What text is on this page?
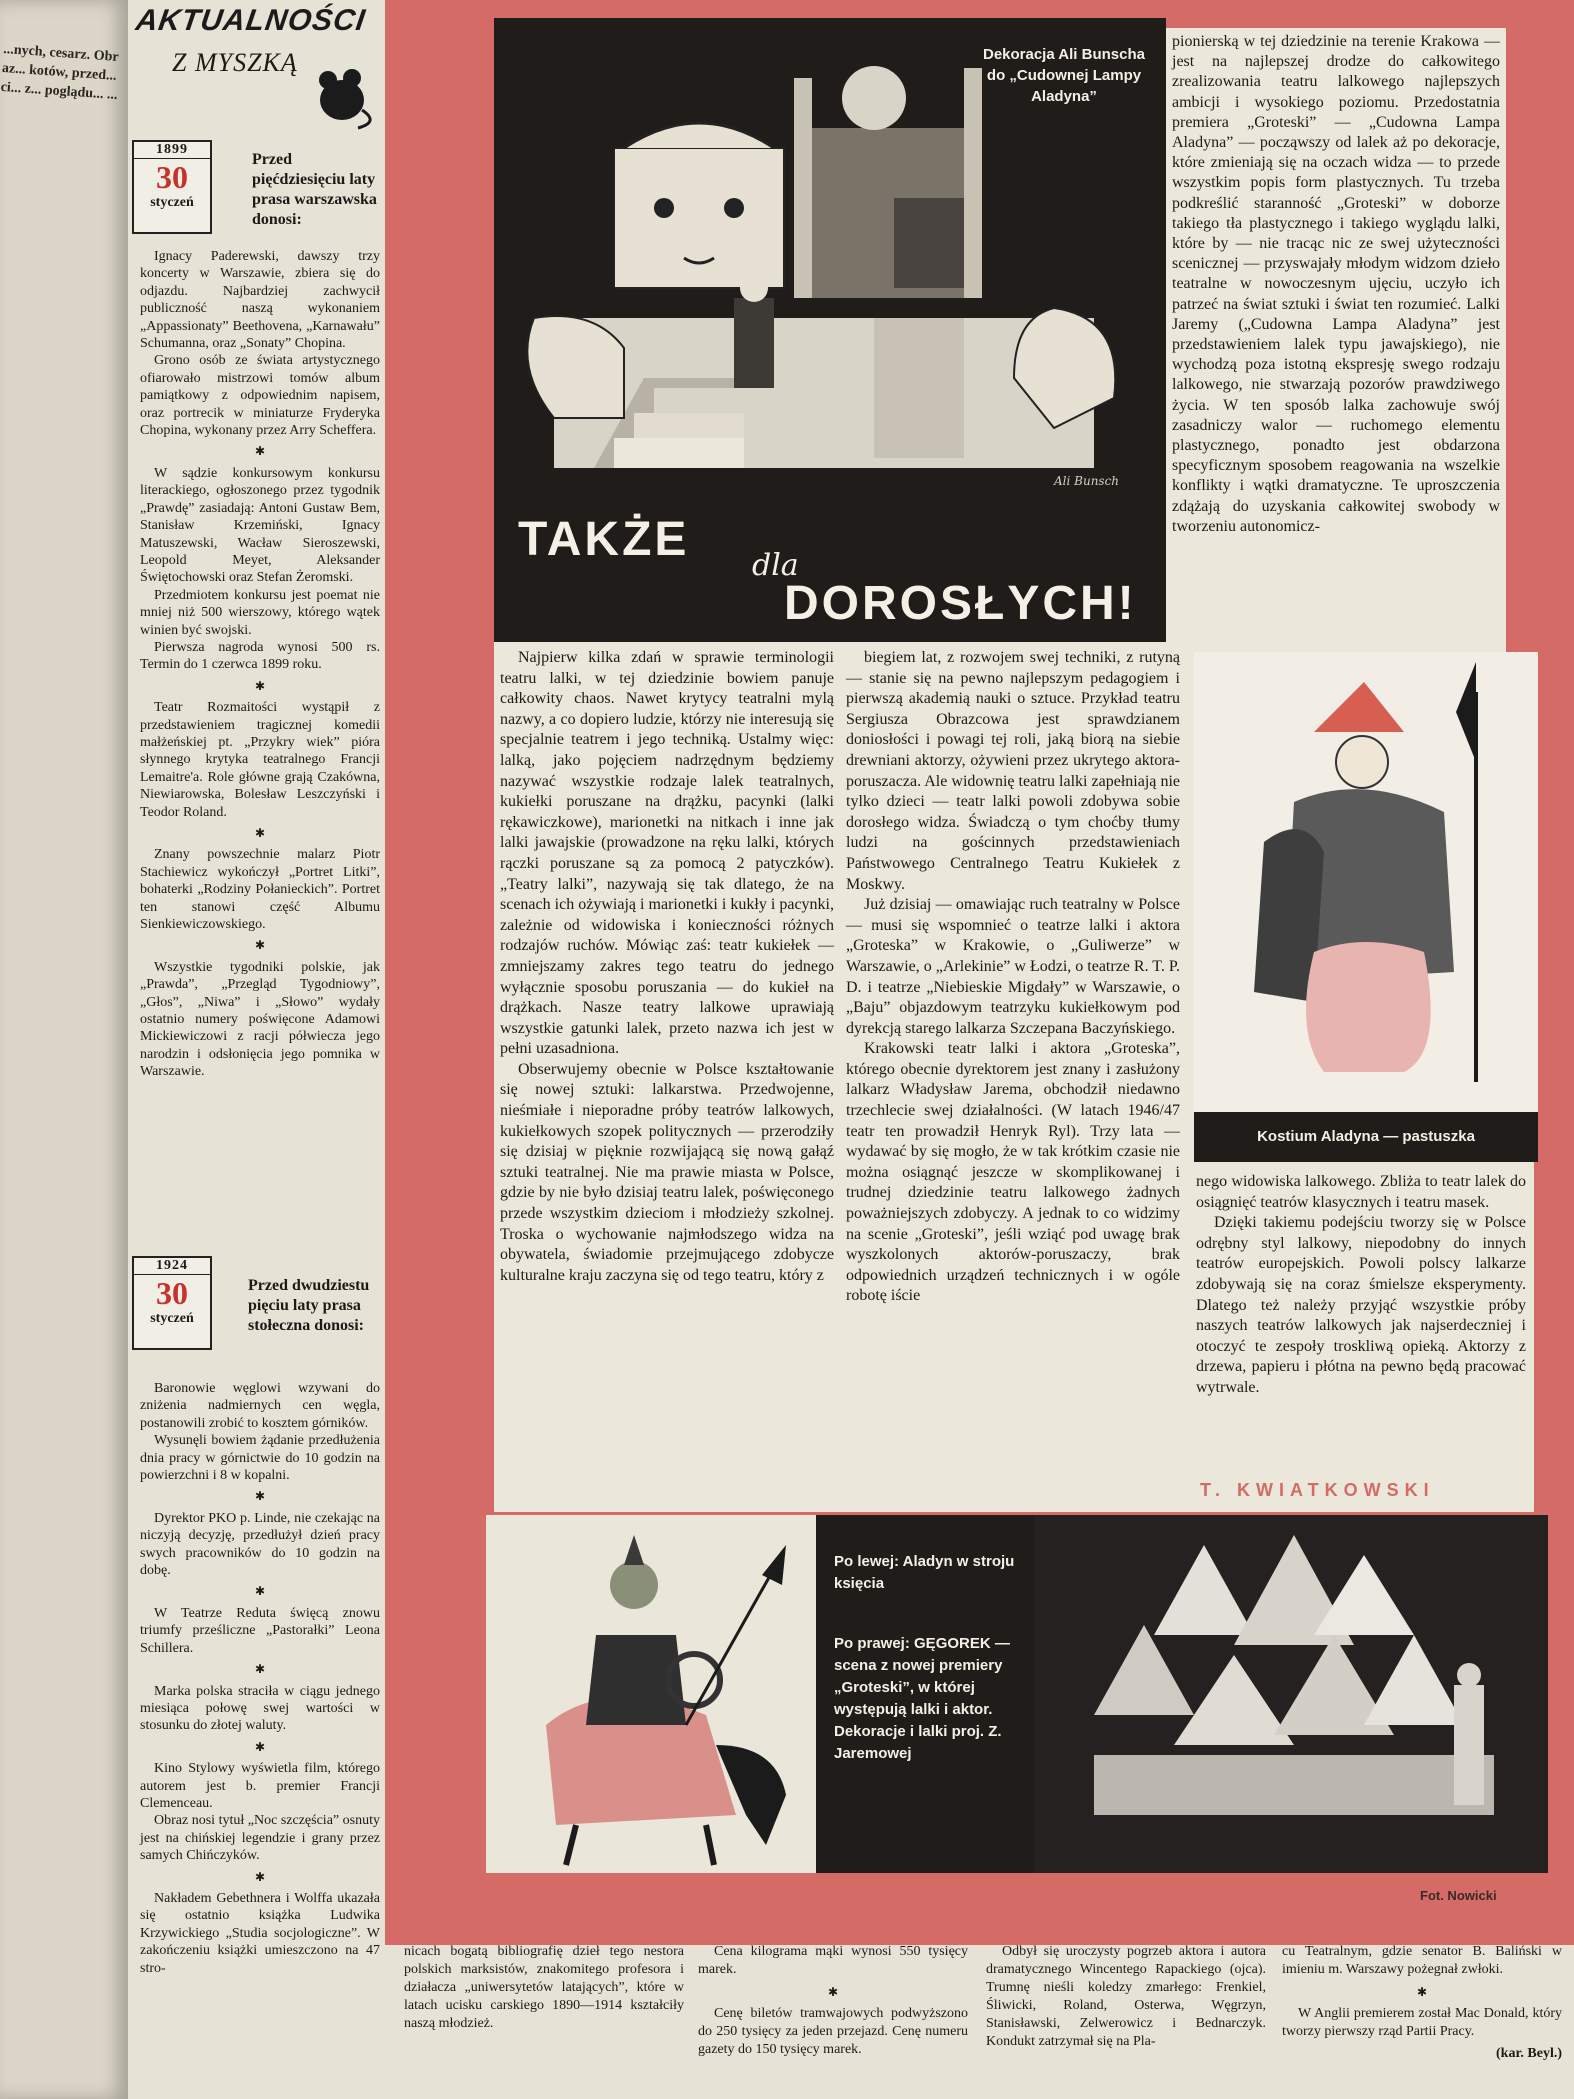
...nych, cesarz. Obraz... kotów, przed... ci... z... poglądu... ...
AKTUALNOŚCI
Z MYSZKĄ
1899
30
styczeń
Przed pięćdziesięciu laty prasa warszawska donosi:

Ignacy Paderewski, dawszy trzy koncerty w Warszawie, zbiera się do odjazdu. Najbardziej zachwycił publiczność naszą wykonaniem „Appassionaty” Beethovena, „Karnawału” Schumanna, oraz „Sonaty” Chopina.

Grono osób ze świata artystycznego ofiarowało mistrzowi tomów album pamiątkowy z odpowiednim napisem, oraz portrecik w miniaturze Fryderyka Chopina, wykonany przez Arry Scheffera.

✱

W sądzie konkursowym konkursu literackiego, ogłoszonego przez tygodnik „Prawdę” zasiadają: Antoni Gustaw Bem, Stanisław Krzemiński, Ignacy Matuszewski, Wacław Sieroszewski, Leopold Meyet, Aleksander Świętochowski oraz Stefan Żeromski.

Przedmiotem konkursu jest poemat nie mniej niż 500 wierszowy, którego wątek winien być swojski.

Pierwsza nagroda wynosi 500 rs. Termin do 1 czerwca 1899 roku.

✱

Teatr Rozmaitości wystąpił z przedstawieniem tragicznej komedii małżeńskiej pt. „Przykry wiek” pióra słynnego krytyka teatralnego Francji Lemaitre'a. Role główne grają Czakówna, Niewiarowska, Bolesław Leszczyński i Teodor Roland.

✱

Znany powszechnie malarz Piotr Stachiewicz wykończył „Portret Litki”, bohaterki „Rodziny Połanieckich”. Portret ten stanowi część Albumu Sienkiewiczowskiego.

✱

Wszystkie tygodniki polskie, jak „Prawda”, „Przegląd Tygodniowy”, „Głos”, „Niwa” i „Słowo” wydały ostatnio numery poświęcone Adamowi Mickiewiczowi z racji półwiecza jego narodzin i odsłonięcia jego pomnika w Warszawie.

1924
30
styczeń
Przed dwudziestu pięciu laty prasa stołeczna donosi:

Baronowie węglowi wzywani do zniżenia nadmiernych cen węgla, postanowili zrobić to kosztem górników.

Wysunęli bowiem żądanie przedłużenia dnia pracy w górnictwie do 10 godzin na powierzchni i 8 w kopalni.

✱

Dyrektor PKO p. Linde, nie czekając na niczyją decyzję, przedłużył dzień pracy swych pracowników do 10 godzin na dobę.

✱

W Teatrze Reduta święcą znowu triumfy prześliczne „Pastorałki” Leona Schillera.

✱

Marka polska straciła w ciągu jednego miesiąca połowę swej wartości w stosunku do złotej waluty.

✱

Kino Stylowy wyświetla film, którego autorem jest b. premier Francji Clemenceau.

Obraz nosi tytuł „Noc szczęścia” osnuty jest na chińskiej legendzie i grany przez samych Chińczyków.

✱

Nakładem Gebethnera i Wolffa ukazała się ostatnio książka Ludwika Krzywickiego „Studia socjologiczne”. W zakończeniu książki umieszczono na 47 stro-

Dekoracja Ali Bunscha do „Cudownej Lampy Aladyna”
Ali Bunsch
TAKŻE dla
DOROSŁYCH!

Najpierw kilka zdań w sprawie terminologii teatru lalki, w tej dziedzinie bowiem panuje całkowity chaos. Nawet krytycy teatralni mylą nazwy, a co dopiero ludzie, którzy nie interesują się specjalnie teatrem i jego techniką. Ustalmy więc: lalką, jako pojęciem nadrzędnym będziemy nazywać wszystkie rodzaje lalek teatralnych, kukiełki poruszane na drążku, pacynki (lalki rękawiczkowe), marionetki na nitkach i inne jak lalki jawajskie (prowadzone na ręku lalki, których rączki poruszane są za pomocą 2 patyczków). „Teatry lalki”, nazywają się tak dlatego, że na scenach ich ożywiają i marionetki i kukły i pacynki, zależnie od widowiska i konieczności różnych rodzajów ruchów. Mówiąc zaś: teatr kukiełek — zmniejszamy zakres tego teatru do jednego wyłącznie sposobu poruszania — do kukieł na drążkach. Nasze teatry lalkowe uprawiają wszystkie gatunki lalek, przeto nazwa ich jest w pełni uzasadniona.

Obserwujemy obecnie w Polsce kształtowanie się nowej sztuki: lalkarstwa. Przedwojenne, nieśmiałe i nieporadne próby teatrów lalkowych, kukiełkowych szopek politycznych — przerodziły się dzisiaj w pięknie rozwijającą się nową gałąź sztuki teatralnej. Nie ma prawie miasta w Polsce, gdzie by nie było dzisiaj teatru lalek, poświęconego przede wszystkim dzieciom i młodzieży szkolnej. Troska o wychowanie najmłodszego widza na obywatela, świadomie przejmującego zdobycze kulturalne kraju zaczyna się od tego teatru, który z

biegiem lat, z rozwojem swej techniki, z rutyną — stanie się na pewno najlepszym pedagogiem i pierwszą akademią nauki o sztuce. Przykład teatru Sergiusza Obrazcowa jest sprawdzianem doniosłości i powagi tej roli, jaką biorą na siebie drewniani aktorzy, ożywieni przez ukrytego aktora-poruszacza. Ale widownię teatru lalki zapełniają nie tylko dzieci — teatr lalki powoli zdobywa sobie dorosłego widza. Świadczą o tym choćby tłumy ludzi na gościnnych przedstawieniach Państwowego Centralnego Teatru Kukiełek z Moskwy.

Już dzisiaj — omawiając ruch teatralny w Polsce — musi się wspomnieć o teatrze lalki i aktora „Groteska” w Krakowie, o „Guliwerze” w Warszawie, o „Arlekinie” w Łodzi, o teatrze R. T. P. D. i teatrze „Niebieskie Migdały” w Warszawie, o „Baju” objazdowym teatrzyku kukiełkowym pod dyrekcją starego lalkarza Szczepana Baczyńskiego.

Krakowski teatr lalki i aktora „Groteska”, którego obecnie dyrektorem jest znany i zasłużony lalkarz Władysław Jarema, obchodził niedawno trzechlecie swej działalności. (W latach 1946/47 teatr ten prowadził Henryk Ryl). Trzy lata — wydawać by się mogło, że w tak krótkim czasie nie można osiągnąć jeszcze w skomplikowanej i trudnej dziedzinie teatru lalkowego żadnych poważniejszych zdobyczy. A jednak to co widzimy na scenie „Groteski”, jeśli wziąć pod uwagę brak wyszkolonych aktorów-poruszaczy, brak odpowiednich urządzeń technicznych i w ogóle robotę iście

pionierską w tej dziedzinie na terenie Krakowa — jest na najlepszej drodze do całkowitego zrealizowania teatru lalkowego najlepszych ambicji i wysokiego poziomu. Przedostatnia premiera „Groteski” — „Cudowna Lampa Aladyna” — począwszy od lalek aż po dekoracje, które zmieniają się na oczach widza — to przede wszystkim popis form plastycznych. Tu trzeba podkreślić staranność „Groteski” w doborze takiego tła plastycznego i takiego wyglądu lalki, które by — nie tracąc nic ze swej użyteczności scenicznej — przyswajały młodym widzom dzieło teatralne w nowoczesnym ujęciu, uczyło ich patrzeć na świat sztuki i świat ten rozumieć. Lalki Jaremy („Cudowna Lampa Aladyna” jest przedstawieniem lalek typu jawajskiego), nie wychodzą poza istotną ekspresję swego rodzaju lalkowego, nie stwarzają pozorów prawdziwego życia. W ten sposób lalka zachowuje swój zasadniczy walor — ruchomego elementu plastycznego, ponadto jest obdarzona specyficznym sposobem reagowania na wszelkie konflikty i wątki dramatyczne. Te uproszczenia zdążają do uzyskania całkowitej swobody w tworzeniu autonomicz-

Kostium Aladyna — pastuszka

nego widowiska lalkowego. Zbliża to teatr lalek do osiągnięć teatrów klasycznych i teatru masek.

Dzięki takiemu podejściu tworzy się w Polsce odrębny styl lalkowy, niepodobny do innych teatrów europejskich. Powoli polscy lalkarze zdobywają się na coraz śmielsze eksperymenty. Dlatego też należy przyjąć wszystkie próby naszych teatrów lalkowych jak najserdeczniej i otoczyć te zespoły troskliwą opieką. Aktorzy z drzewa, papieru i płótna na pewno będą pracować wytrwale.

T. KWIATKOWSKI
Po lewej: Aladyn w stroju księcia
Po prawej: GĘGOREK — scena z nowej premiery „Groteski”, w której występują lalki i aktor. Dekoracje i lalki proj. Z. Jaremowej
Fot. Nowicki

nicach bogatą bibliografię dzieł tego nestora polskich marksistów, znakomitego profesora i działacza „uniwersytetów latających”, które w latach ucisku carskiego 1890—1914 kształciły naszą młodzież.

Cena kilograma mąki wynosi 550 tysięcy marek.

✱

Cenę biletów tramwajowych podwyższono do 250 tysięcy za jeden przejazd. Cenę numeru gazety do 150 tysięcy marek.

Odbył się uroczysty pogrzeb aktora i autora dramatycznego Wincentego Rapackiego (ojca). Trumnę nieśli koledzy zmarłego: Frenkiel, Śliwicki, Roland, Osterwa, Węgrzyn, Stanisławski, Zelwerowicz i Bednarczyk. Kondukt zatrzymał się na Pla-

cu Teatralnym, gdzie senator B. Baliński w imieniu m. Warszawy pożegnał zwłoki.

✱

W Anglii premierem został Mac Donald, który tworzy pierwszy rząd Partii Pracy.

(kar. Beyl.)
